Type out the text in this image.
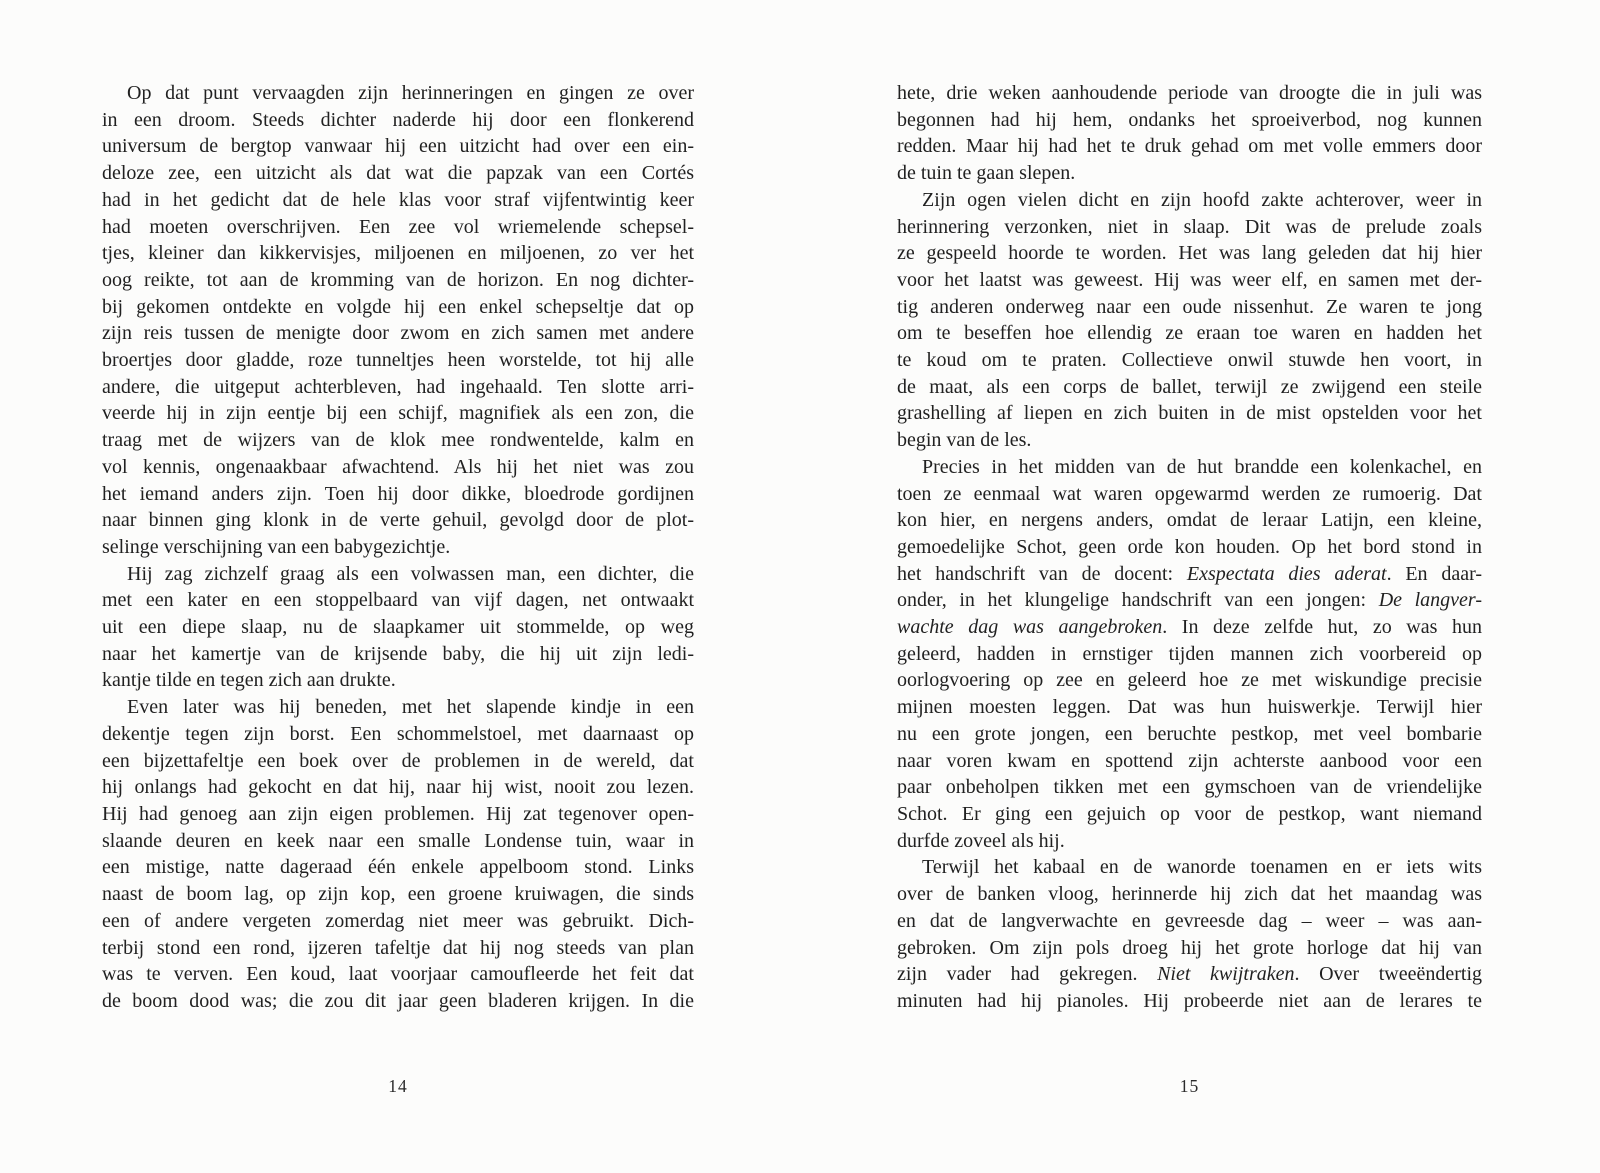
Op dat punt vervaagden zijn herinneringen en gingen ze over
in een droom. Steeds dichter naderde hij door een flonkerend
universum de bergtop vanwaar hij een uitzicht had over een ein-
deloze zee, een uitzicht als dat wat die papzak van een Cortés
had in het gedicht dat de hele klas voor straf vijfentwintig keer
had moeten overschrijven. Een zee vol wriemelende schepsel-
tjes, kleiner dan kikkervisjes, miljoenen en miljoenen, zo ver het
oog reikte, tot aan de kromming van de horizon. En nog dichter-
bij gekomen ontdekte en volgde hij een enkel schepseltje dat op
zijn reis tussen de menigte door zwom en zich samen met andere
broertjes door gladde, roze tunneltjes heen worstelde, tot hij alle
andere, die uitgeput achterbleven, had ingehaald. Ten slotte arri-
veerde hij in zijn eentje bij een schijf, magnifiek als een zon, die
traag met de wijzers van de klok mee rondwentelde, kalm en
vol kennis, ongenaakbaar afwachtend. Als hij het niet was zou
het iemand anders zijn. Toen hij door dikke, bloedrode gordijnen
naar binnen ging klonk in de verte gehuil, gevolgd door de plot-
selinge verschijning van een babygezichtje.
Hij zag zichzelf graag als een volwassen man, een dichter, die
met een kater en een stoppelbaard van vijf dagen, net ontwaakt
uit een diepe slaap, nu de slaapkamer uit stommelde, op weg
naar het kamertje van de krijsende baby, die hij uit zijn ledi-
kantje tilde en tegen zich aan drukte.
Even later was hij beneden, met het slapende kindje in een
dekentje tegen zijn borst. Een schommelstoel, met daarnaast op
een bijzettafeltje een boek over de problemen in de wereld, dat
hij onlangs had gekocht en dat hij, naar hij wist, nooit zou lezen.
Hij had genoeg aan zijn eigen problemen. Hij zat tegenover open-
slaande deuren en keek naar een smalle Londense tuin, waar in
een mistige, natte dageraad één enkele appelboom stond. Links
naast de boom lag, op zijn kop, een groene kruiwagen, die sinds
een of andere vergeten zomerdag niet meer was gebruikt. Dich-
terbij stond een rond, ijzeren tafeltje dat hij nog steeds van plan
was te verven. Een koud, laat voorjaar camoufleerde het feit dat
de boom dood was; die zou dit jaar geen bladeren krijgen. In die
hete, drie weken aanhoudende periode van droogte die in juli was
begonnen had hij hem, ondanks het sproeiverbod, nog kunnen
redden. Maar hij had het te druk gehad om met volle emmers door
de tuin te gaan slepen.
Zijn ogen vielen dicht en zijn hoofd zakte achterover, weer in
herinnering verzonken, niet in slaap. Dit was de prelude zoals
ze gespeeld hoorde te worden. Het was lang geleden dat hij hier
voor het laatst was geweest. Hij was weer elf, en samen met der-
tig anderen onderweg naar een oude nissenhut. Ze waren te jong
om te beseffen hoe ellendig ze eraan toe waren en hadden het
te koud om te praten. Collectieve onwil stuwde hen voort, in
de maat, als een corps de ballet, terwijl ze zwijgend een steile
grashelling af liepen en zich buiten in de mist opstelden voor het
begin van de les.
Precies in het midden van de hut brandde een kolenkachel, en
toen ze eenmaal wat waren opgewarmd werden ze rumoerig. Dat
kon hier, en nergens anders, omdat de leraar Latijn, een kleine,
gemoedelijke Schot, geen orde kon houden. Op het bord stond in
het handschrift van de docent: Exspectata dies aderat. En daar-
onder, in het klungelige handschrift van een jongen: De langver-
wachte dag was aangebroken. In deze zelfde hut, zo was hun
geleerd, hadden in ernstiger tijden mannen zich voorbereid op
oorlogvoering op zee en geleerd hoe ze met wiskundige precisie
mijnen moesten leggen. Dat was hun huiswerkje. Terwijl hier
nu een grote jongen, een beruchte pestkop, met veel bombarie
naar voren kwam en spottend zijn achterste aanbood voor een
paar onbeholpen tikken met een gymschoen van de vriendelijke
Schot. Er ging een gejuich op voor de pestkop, want niemand
durfde zoveel als hij.
Terwijl het kabaal en de wanorde toenamen en er iets wits
over de banken vloog, herinnerde hij zich dat het maandag was
en dat de langverwachte en gevreesde dag – weer – was aan-
gebroken. Om zijn pols droeg hij het grote horloge dat hij van
zijn vader had gekregen. Niet kwijtraken. Over tweeëndertig
minuten had hij pianoles. Hij probeerde niet aan de lerares te
14	15
